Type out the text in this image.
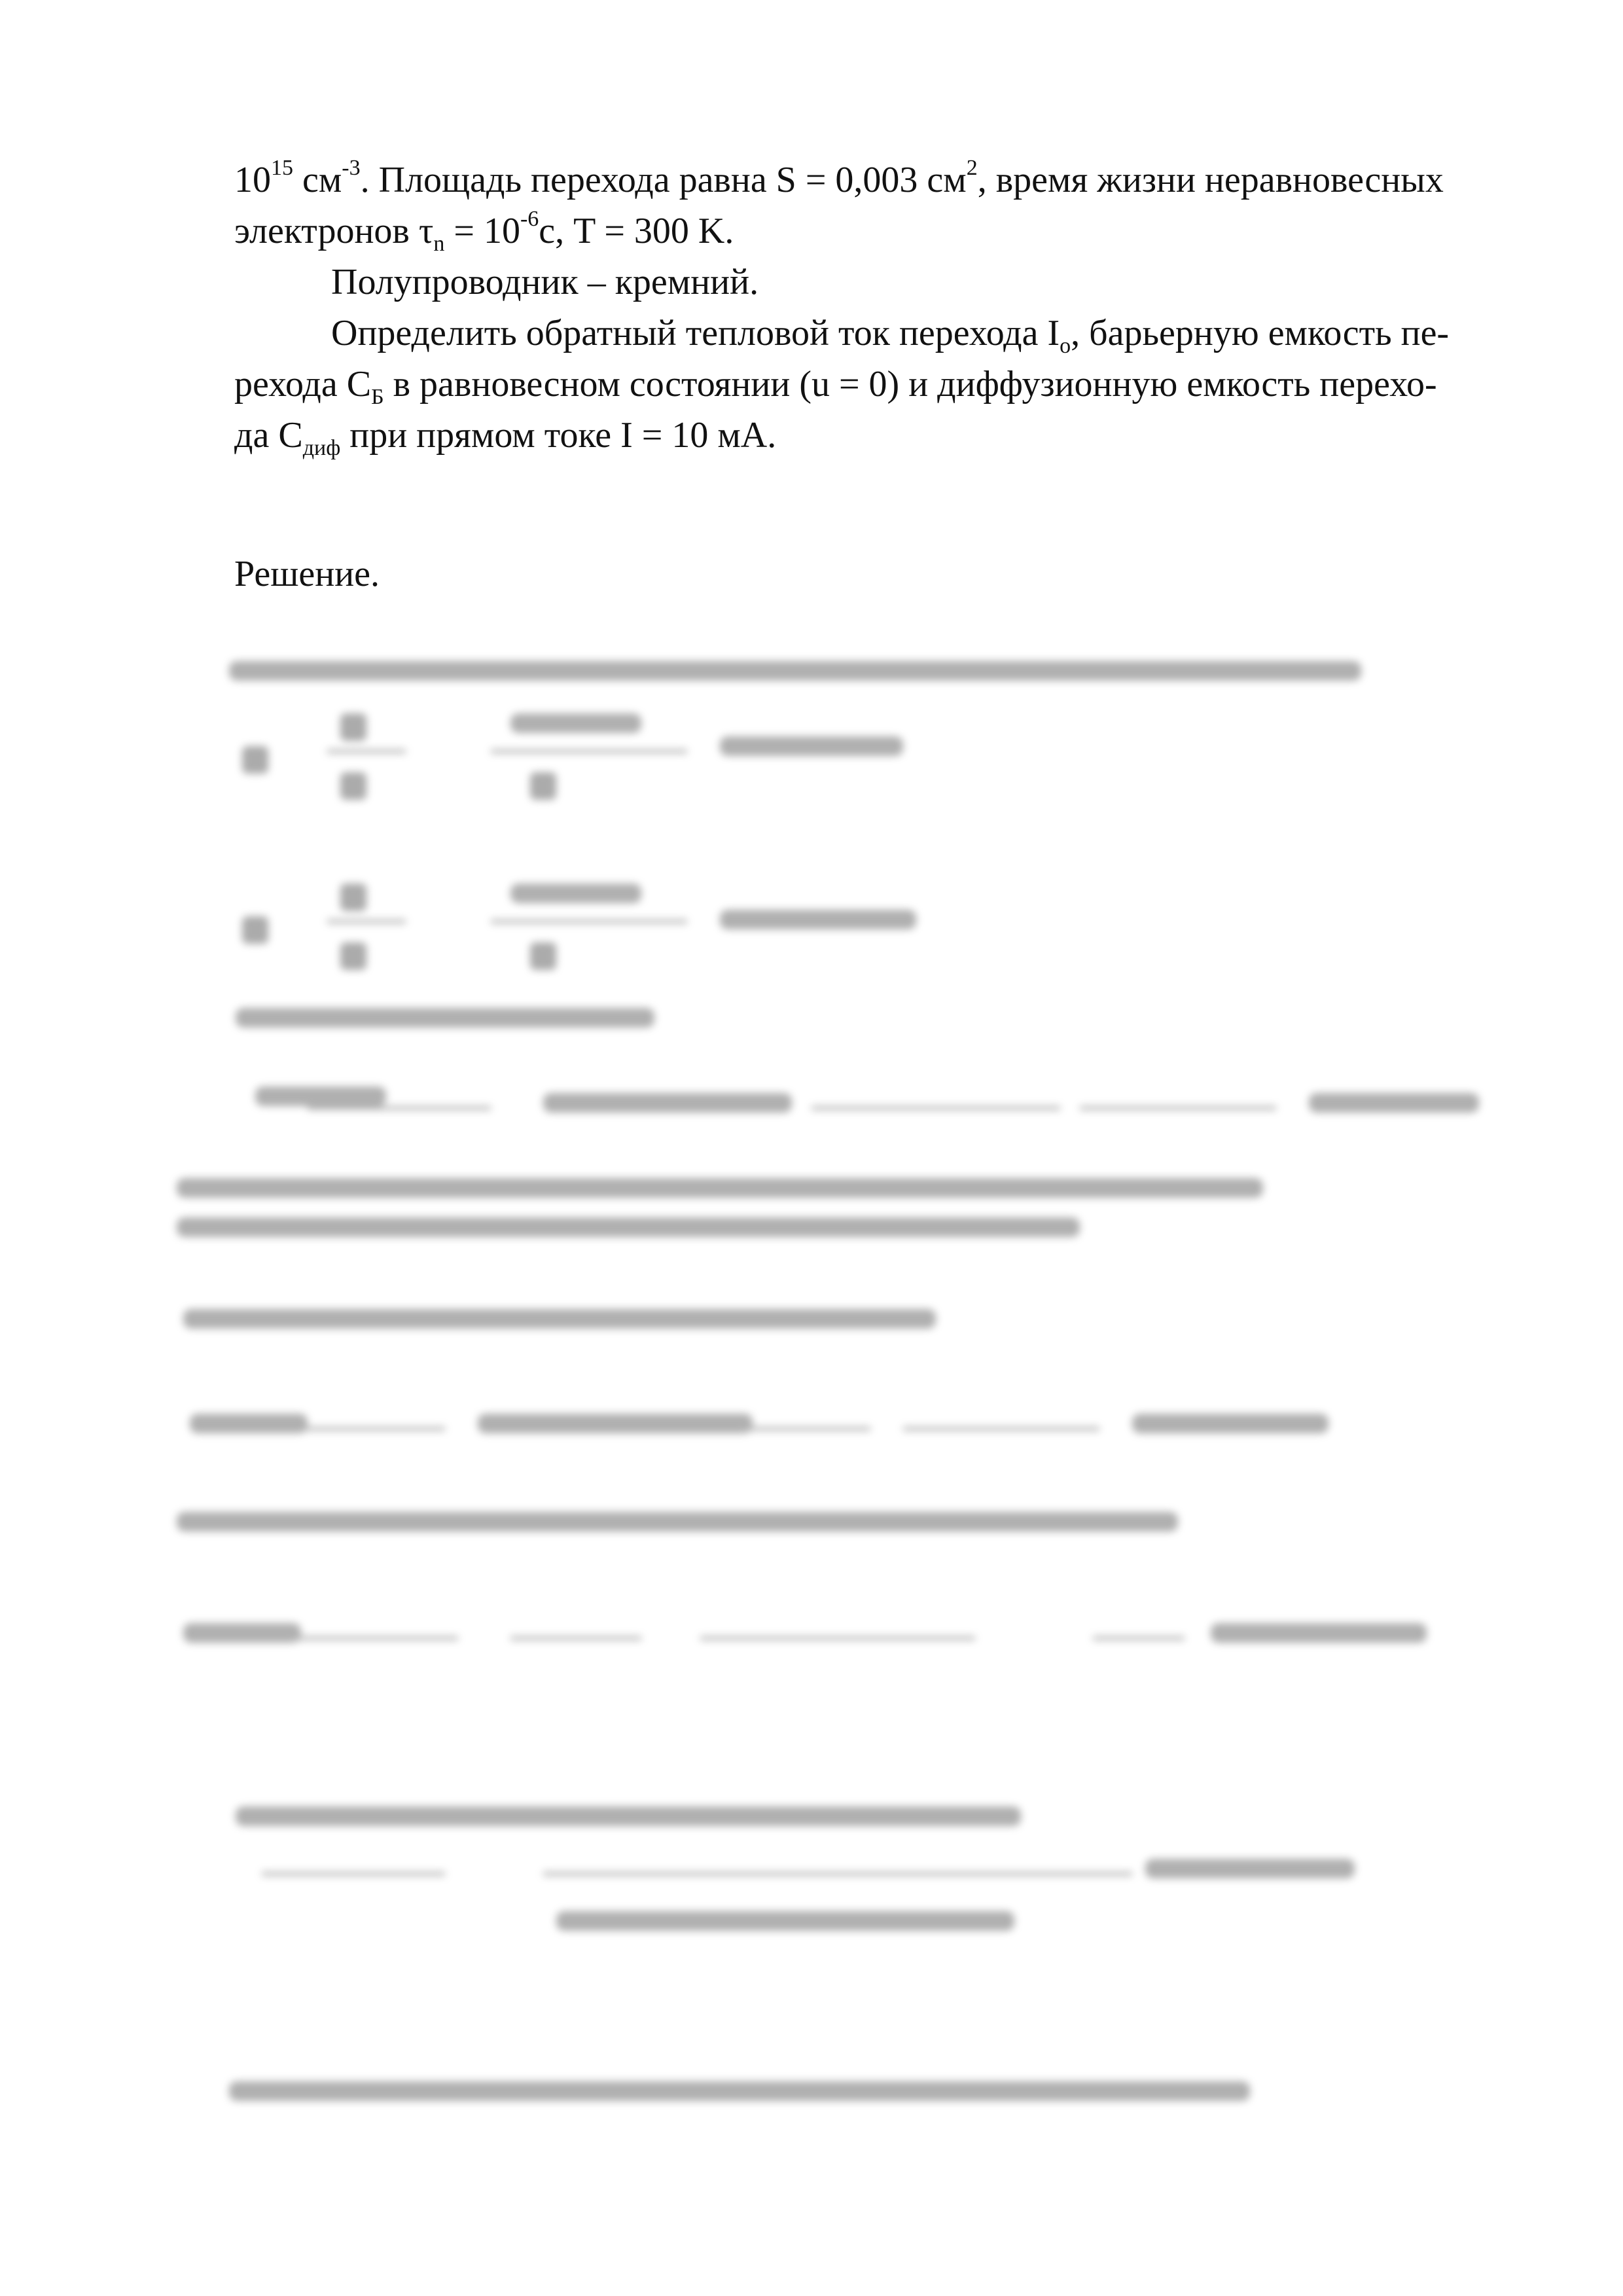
$10^{15}$ $см^{-3}$. Площадь перехода равна S = 0,003 $см^2$, время жизни неравновесных
электронов $\tau_n = 10^{-6}с$, T = 300 K.
Полупроводник – кремний.
Определить обратный тепловой ток перехода $I_o$, барьерную емкость пе-
рехода $С_Б$ в равновесном состоянии (u = 0) и диффузионную емкость перехо-
да $С_{диф}$ при прямом токе I = 10 мА.
Решение.
